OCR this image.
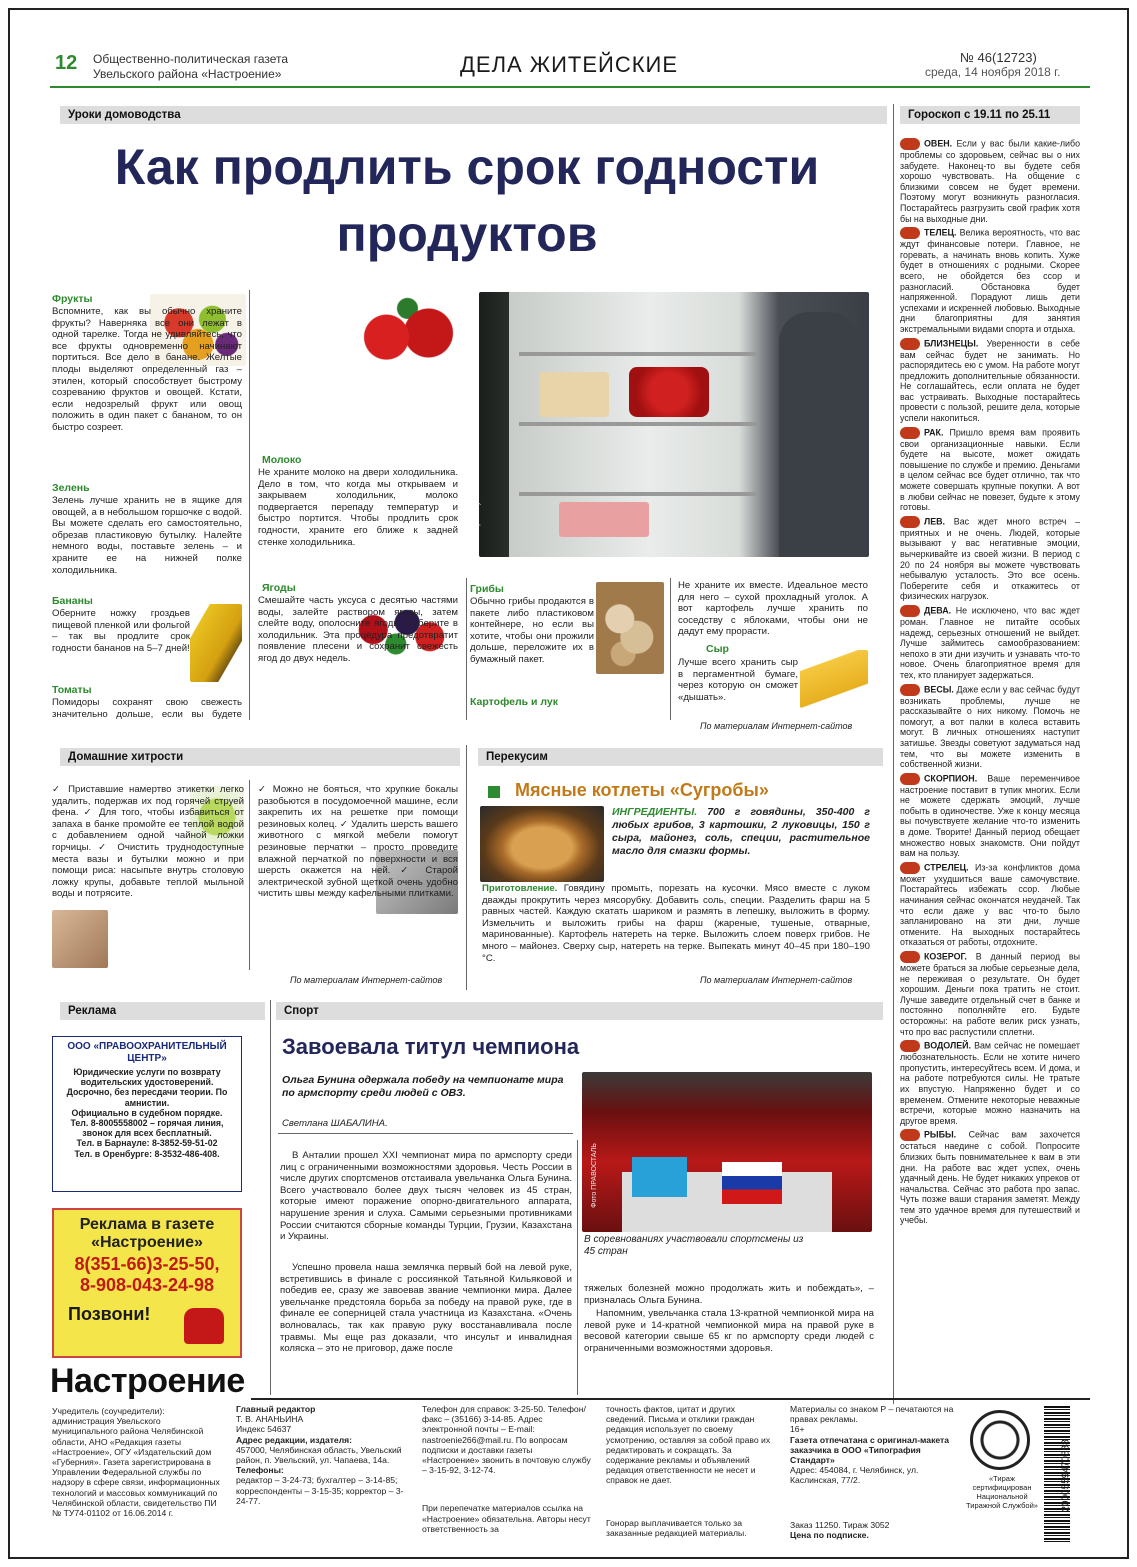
12 Общественно-политическая газета
Увельского района «Настроение»	ДЕЛА ЖИТЕЙСКИЕ	№ 46(12723)
среда, 14 ноября 2018 г.
Уроки домоводства
Как продлить срок годности
продуктов
Фрукты
Вспомните, как вы обычно храните фрукты? Наверняка все они лежат в одной тарелке. Тогда не удивляйтесь, что все фрукты одновременно начинают портиться. Все дело в банане. Желтые плоды выделяют определенный газ – этилен, который способствует быстрому созреванию фруктов и овощей. Кстати, если недозрелый фрукт или овощ положить в один пакет с бананом, то он быстро созреет.
Зелень
Зелень лучше хранить не в ящике для овощей, а в небольшом горшочке с водой. Вы можете сделать его самостоятельно, обрезав пластиковую бутылку. Налейте немного воды, поставьте зелень – и храните ее на нижней полке холодильника.
Бананы
Оберните ножку гроздьев пищевой пленкой или фольгой – так вы продлите срок годности бананов на 5–7 дней!
Томаты
Помидоры сохранят свою свежесть значительно дольше, если вы будете
Молоко
Не храните молоко на двери холодильника. Дело в том, что когда мы открываем и закрываем холодильник, молоко подвергается перепаду температур и быстро портится. Чтобы продлить срок годности, храните его ближе к задней стенке холодильника.
Ягоды
Смешайте часть уксуса с десятью частями воды, залейте раствором ягоды, затем слейте воду, ополосните ягоды и уберите в холодильник. Эта процедура предотвратит появление плесени и сохранит свежесть ягод до двух недель.
Грибы
Обычно грибы продаются в пакете либо пластиковом контейнере, но если вы хотите, чтобы они прожили дольше, переложите их в бумажный пакет.
Картофель и лук
Не храните их вместе. Идеальное место для него – сухой прохладный уголок. А вот картофель лучше хранить по соседству с яблоками, чтобы они не дадут ему прорасти.
Сыр
Лучше всего хранить сыр в пергаментной бумаге, через которую он сможет «дышать».
По материалам Интернет-сайтов
Домашние хитрости
✓ Приставшие намертво этикетки легко удалить, подержав их под горячей струей фена. ✓ Для того, чтобы избавиться от запаха в банке промойте ее теплой водой с добавлением одной чайной ложки горчицы. ✓ Очистить труднодоступные места вазы и бутылки можно и при помощи риса: насыпьте внутрь столовую ложку крупы, добавьте теплой мыльной воды и потрясите.
✓ Можно не бояться, что хрупкие бокалы разобьются в посудомоечной машине, если закрепить их на решетке при помощи резиновых колец. ✓ Удалить шерсть вашего животного с мягкой мебели помогут резиновые перчатки – просто проведите влажной перчаткой по поверхности и вся шерсть окажется на ней. ✓ Старой электрической зубной щеткой очень удобно чистить швы между кафельными плитками.
По материалам Интернет-сайтов
Перекусим
Мясные котлеты «Сугробы»
ИНГРЕДИЕНТЫ. 700 г говядины, 350-400 г любых грибов, 3 картошки, 2 луковицы, 150 г сыра, майонез, соль, специи, растительное масло для смазки формы.
Приготовление. Говядину промыть, порезать на кусочки. Мясо вместе с луком дважды прокрутить через мясорубку. Добавить соль, специи. Разделить фарш на 5 равных частей. Каждую скатать шариком и размять в лепешку, выложить в форму. Измельчить и выложить грибы на фарш (жареные, тушеные, отварные, маринованные). Картофель натереть на терке. Выложить слоем поверх грибов. Не много – майонез. Сверху сыр, натереть на терке. Выпекать минут 40–45 при 180–190 °С.
По материалам Интернет-сайтов
Реклама
ООО «ПРАВООХРАНИТЕЛЬНЫЙ ЦЕНТР»
Юридические услуги по возврату водительских удостоверений.
Досрочно, без пересдачи теории. По амнистии.
Официально в судебном порядке.
Тел. 8-8005558002 – горячая линия, звонок для всех бесплатный.
Тел. в Барнауле: 8-3852-59-51-02
Тел. в Оренбурге: 8-3532-486-408.
Реклама в газете
«Настроение»
8(351-66)3-25-50,
8-908-043-24-98
Позвони!
Спорт
Завоевала титул чемпиона
Ольга Бунина одержала победу на чемпионате мира по армспорту среди людей с ОВЗ.
Светлана ШАБАЛИНА.
В Анталии прошел XXI чемпионат мира по армспорту среди лиц с ограниченными возможностями здоровья. Честь России в числе других спортсменов отстаивала увельчанка Ольга Бунина. Всего участвовало более двух тысяч человек из 45 стран, которые имеют поражение опорно-двигательного аппарата, нарушение зрения и слуха. Самыми серьезными противниками России считаются сборные команды Турции, Грузии, Казахстана и Украины.
Успешно провела наша землячка первый бой на левой руке, встретившись в финале с россиянкой Татьяной Кильяковой и победив ее, сразу же завоевав звание чемпионки мира. Далее увельчанке предстояла борьба за победу на правой руке, где в финале ее соперницей стала участница из Казахстана. «Очень волновалась, так как правую руку восстанавливала после травмы. Мы еще раз доказали, что инсульт и инвалидная коляска – это не приговор, даже после
Фото ПРАВОСТАЛЬ
В соревнованиях участвовали спортсмены из 45 стран
тяжелых болезней можно продолжать жить и побеждать», – призналась Ольга Бунина.
Напомним, увельчанка стала 13-кратной чемпионкой мира на левой руке и 14-кратной чемпионкой мира на правой руке в весовой категории свыше 65 кг по армспорту среди людей с ограниченными возможностями здоровья.
Гороскоп с 19.11 по 25.11
ОВЕН. Если у вас были какие-либо проблемы со здоровьем, сейчас вы о них забудете. Наконец-то вы будете себя хорошо чувствовать. На общение с близкими совсем не будет времени. Поэтому могут возникнуть разногласия. Постарайтесь разгрузить свой график хотя бы на выходные дни.
ТЕЛЕЦ. Велика вероятность, что вас ждут финансовые потери. Главное, не горевать, а начинать вновь копить. Хуже будет в отношениях с родными. Скорее всего, не обойдется без ссор и разногласий. Обстановка будет напряженной. Порадуют лишь дети успехами и искренней любовью. Выходные дни благоприятны для занятия экстремальными видами спорта и отдыха.
БЛИЗНЕЦЫ. Уверенности в себе вам сейчас будет не занимать. Но распорядитесь ею с умом. На работе могут предложить дополнительные обязанности. Не соглашайтесь, если оплата не будет вас устраивать. Выходные постарайтесь провести с пользой, решите дела, которые успели накопиться.
РАК. Пришло время вам проявить свои организационные навыки. Если будете на высоте, может ожидать повышение по службе и премию. Деньгами в целом сейчас все будет отлично, так что можете совершать крупные покупки. А вот в любви сейчас не повезет, будьте к этому готовы.
ЛЕВ. Вас ждет много встреч – приятных и не очень. Людей, которые вызывают у вас негативные эмоции, вычеркивайте из своей жизни. В период с 20 по 24 ноября вы можете чувствовать небывалую усталость. Это все осень. Поберегите себя и откажитесь от физических нагрузок.
ДЕВА. Не исключено, что вас ждет роман. Главное не питайте особых надежд, серьезных отношений не выйдет. Лучше займитесь самообразованием: непохо в эти дни изучить и узнавать что-то новое. Очень благоприятное время для тех, кто планирует задержаться.
ВЕСЫ. Даже если у вас сейчас будут возникать проблемы, лучше не рассказывайте о них никому. Помочь не помогут, а вот палки в колеса вставить могут. В личных отношениях наступит затишье. Звезды советуют задуматься над тем, что вы можете изменить в собственной жизни.
СКОРПИОН. Ваше переменчивое настроение поставит в тупик многих. Если не можете сдержать эмоций, лучше побыть в одиночестве. Уже к концу месяца вы почувствуете желание что-то изменить в доме. Творите! Данный период обещает множество новых знакомств. Они пойдут вам на пользу.
СТРЕЛЕЦ. Из-за конфликтов дома может ухудшиться ваше самочувствие. Постарайтесь избежать ссор. Любые начинания сейчас окончатся неудачей. Так что если даже у вас что-то было запланировано на эти дни, лучше отмените. На выходных постарайтесь отказаться от работы, отдохните.
КОЗЕРОГ. В данный период вы можете браться за любые серьезные дела, не переживая о результате. Он будет хорошим. Деньги пока тратить не стоит. Лучше заведите отдельный счет в банке и постоянно пополняйте его. Будьте осторожны: на работе велик риск узнать, что про вас распустили сплетни.
ВОДОЛЕЙ. Вам сейчас не помешает любознательность. Если не хотите ничего пропустить, интересуйтесь всем. И дома, и на работе потребуются силы. Не тратьте их впустую. Напряженно будет и со временем. Отмените некоторые неважные встречи, которые можно назначить на другое время.
РЫБЫ. Сейчас вам захочется остаться наедине с собой. Попросите близких быть повнимательнее к вам в эти дни. На работе вас ждет успех, очень удачный день. Не будет никаких упреков от начальства. Сейчас это работа про запас. Чуть позже ваши старания заметят. Между тем это удачное время для путешествий и учебы.
Настроение
Учредитель (соучредители): администрация Увельского муниципального района Челябинской области, АНО «Редакция газеты «Настроение», ОГУ «Издательский дом «Губерния». Газета зарегистрирована в Управлении Федеральной службы по надзору в сфере связи, информационных технологий и массовых коммуникаций по Челябинской области, свидетельство ПИ № ТУ74-01102 от 16.06.2014 г.
Главный редактор
Т. В. АНАНЬИНА
Индекс 54637
Адрес редакции, издателя:
457000, Челябинская область, Увельский район, п. Увельский, ул. Чапаева, 14а.
Телефоны:
редактор – 3-24-73; бухгалтер – 3-14-85; корреспонденты – 3-15-35; корректор – 3-24-77.
Телефон для справок: 3-25-50. Телефон/факс – (35166) 3-14-85. Адрес электронной почты – E-mail: nastroenie266@mail.ru. По вопросам подписки и доставки газеты «Настроение» звонить в почтовую службу – 3-15-92, 3-12-74.
При перепечатке материалов ссылка на «Настроение» обязательна. Авторы несут ответственность за
точность фактов, цитат и других сведений. Письма и отклики граждан редакция использует по своему усмотрению, оставляя за собой право их редактировать и сокращать. За содержание рекламы и объявлений редакция ответственности не несет и справок не дает.
Гонорар выплачивается только за заказанные редакцией материалы.
Материалы со знаком Р – печатаются на правах рекламы.
16+
Газета отпечатана с оригинал-макета заказчика в ООО «Типография Стандарт»
Адрес: 454084, г. Челябинск, ул. Каслинская, 77/2.
Заказ 11250. Тираж 3052
Цена по подписке.
«Тираж сертифицирован Национальной Тиражной Службой» 2000559470888
